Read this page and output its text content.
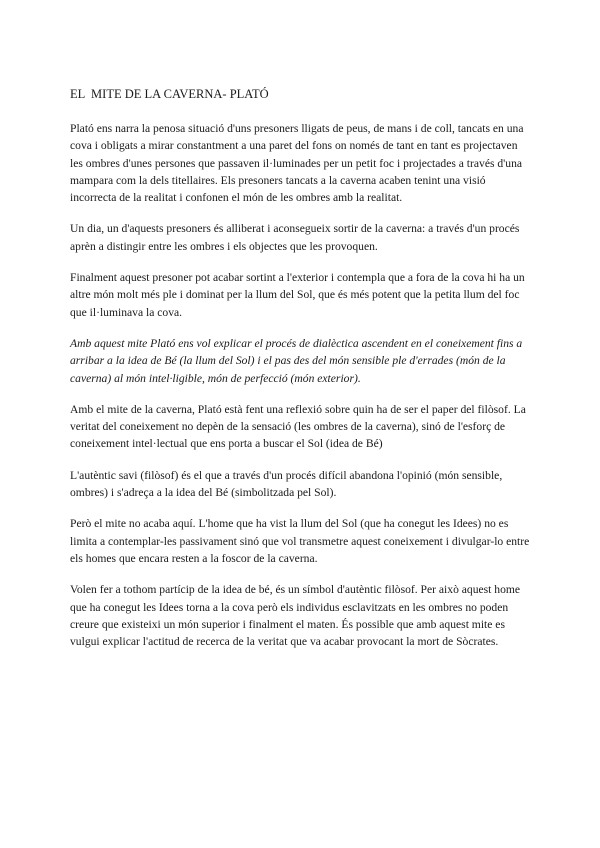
EL  MITE DE LA CAVERNA- PLATÓ

Plató ens narra la penosa situació d'uns presoners lligats de peus, de mans i de coll, tancats en una cova i obligats a mirar constantment a una paret del fons on només de tant en tant es projectaven les ombres d'unes persones que passaven il·luminades per un petit foc i projectades a través d'una mampara com la dels titellaires. Els presoners tancats a la caverna acaben tenint una visió incorrecta de la realitat i confonen el món de les ombres amb la realitat.

Un dia, un d'aquests presoners és alliberat i aconsegueix sortir de la caverna: a través d'un procés aprèn a distingir entre les ombres i els objectes que les provoquen.

Finalment aquest presoner pot acabar sortint a l'exterior i contempla que a fora de la cova hi ha un altre món molt més ple i dominat per la llum del Sol, que és més potent que la petita llum del foc que il·luminava la cova.

Amb aquest mite Plató ens vol explicar el procés de dialèctica ascendent en el coneixement fins a arribar a la idea de Bé (la llum del Sol) i el pas des del món sensible ple d'errades (món de la caverna) al món intel·ligible, món de perfecció (món exterior).

Amb el mite de la caverna, Plató està fent una reflexió sobre quin ha de ser el paper del filòsof. La veritat del coneixement no depèn de la sensació (les ombres de la caverna), sinó de l'esforç de coneixement intel·lectual que ens porta a buscar el Sol (idea de Bé)

L'autèntic savi (filòsof) és el que a través d'un procés difícil abandona l'opinió (món sensible, ombres) i s'adreça a la idea del Bé (simbolitzada pel Sol).

Però el mite no acaba aquí. L'home que ha vist la llum del Sol (que ha conegut les Idees) no es limita a contemplar-les passivament sinó que vol transmetre aquest coneixement i divulgar-lo entre els homes que encara resten a la foscor de la caverna.

Volen fer a tothom partícip de la idea de bé, és un símbol d'autèntic filòsof. Per això aquest home que ha conegut les Idees torna a la cova però els individus esclavitzats en les ombres no poden creure que existeixi un món superior i finalment el maten. És possible que amb aquest mite es vulgui explicar l'actitud de recerca de la veritat que va acabar provocant la mort de Sòcrates.
